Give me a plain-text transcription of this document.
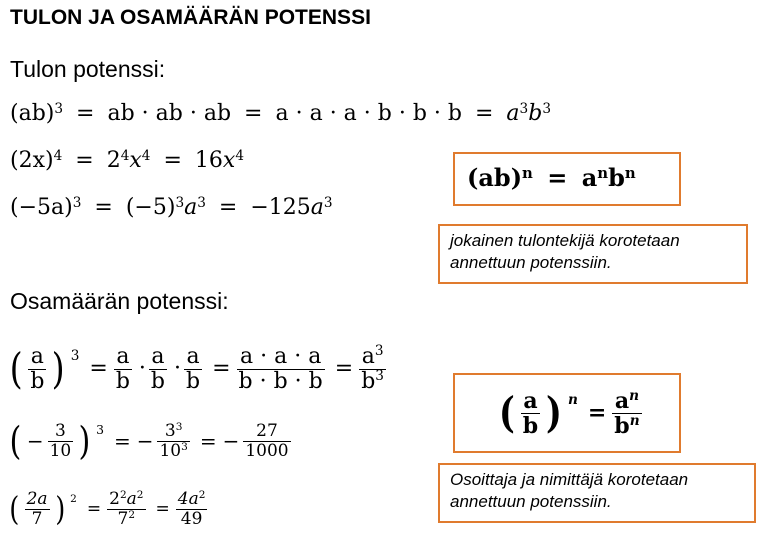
TULON JA OSAMÄÄRÄN POTENSSI
Tulon potenssi:
(ab)$^3$ = ab · ab · ab = $a \cdot a \cdot a \cdot b \cdot b \cdot b = a^3b^3$
$(2x)^4 = 2^4x^4 = 16x^4$
$(-5a)^3 = (-5)^3a^3 = -125a^3$
$(ab)^n = a^nb^n$
jokainen tulontekijä korotetaan annettuun potenssiin.
Osamäärän potenssi:
( $\frac{a}{b}$ ) $^3$
= $\frac{a}{b} \cdot \frac{a}{b} \cdot \frac{a}{b} = \frac{a \cdot a \cdot a}{b \cdot b \cdot b} = \frac{a^3}{b^3}$
( − $\frac{3}{10}$ ) $^3$ = − $\frac{3^3}{10^3}$ = − $\frac{27}{1000}$
( $\frac{2a}{7}$ ) $^2 = \frac{2^2a^2}{7^2} = \frac{4a^2}{49}$
( $\frac{a}{b}$ ) $^n$
= $\frac{a^n}{b^n}$
Osoittaja ja nimittäjä korotetaan annettuun potenssiin.
